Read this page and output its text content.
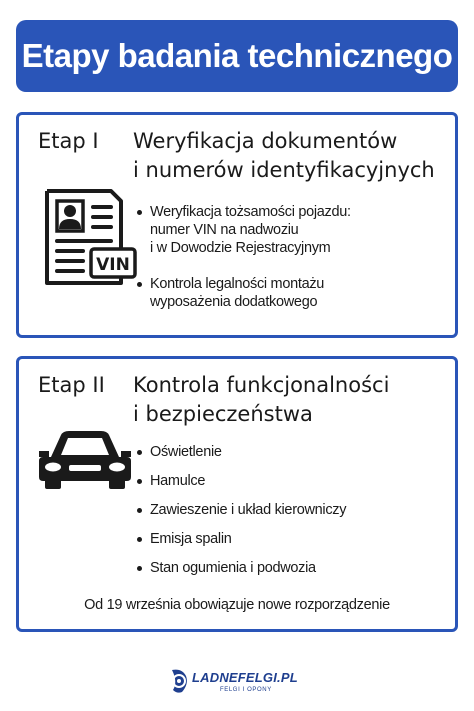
Etapy badania technicznego
Etap I Weryfikacja dokumentów
i numerów identyfikacyjnych
VIN
Weryfikacja tożsamości pojazdu:
numer VIN na nadwoziu
i w Dowodzie Rejestracyjnym
Kontrola legalności montażu
wyposażenia dodatkowego
Etap II Kontrola funkcjonalności
i bezpieczeństwa
Oświetlenie
Hamulce
Zawieszenie i układ kierowniczy
Emisja spalin
Stan ogumienia i podwozia
Od 19 września obowiązuje nowe rozporządzenie
LADNEFELGI.PL
FELGI I OPONY
